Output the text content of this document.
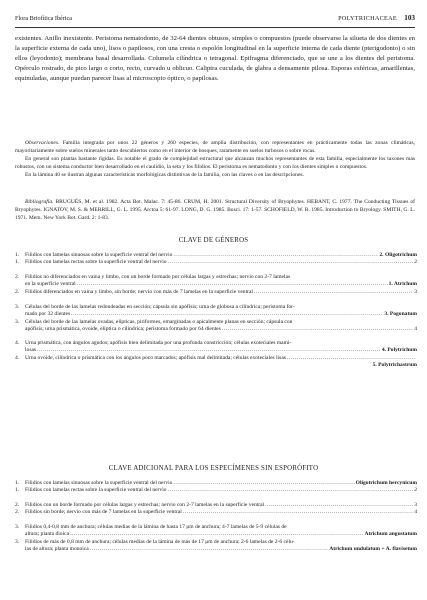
Flora Briofítica Ibérica	POLYTRICHACEAE 103

existentes. Anillo inexistente. Peristoma nematodonto, de 32-64 dientes obtusos, simples o compuestos (puede observarse la silueta de dos dientes en la superficie externa de cada uno), lisos o papilosos, con una cresta o espolón longitudinal en la superficie interna de cada diente (pterigodonto) o sin ellos (leyodonto); membrana basal desarrollada. Columela cilíndrica o tetragonal. Epifragma diferenciado, que se une a los dientes del peristoma. Opérculo rostrado, de pico largo o corto, recto, curvado u oblicuo. Caliptra cuculada, de glabra a densamente pilosa. Esporas esféricas, amarillentas, equinuladas, aunque puedan parecer lisas al microscopio óptico, o papilosas.

Observaciones. Familia integrada por unos 22 géneros y 260 especies, de amplia distribución, con representantes en prácticamente todas las zonas climáticas, mayoritariamente sobre suelos minerales tanto descubiertos como en el interior de bosques, raramente en suelos turbosos o sobre rocas.

En general son plantas bastante rígidas. Es notable el grado de complejidad estructural que alcanzan muchos representantes de esta familia, especialmente los taxones más robustos, con un sistema conductor bien desarrollado en el caulidio, la seta y los filidios. El peristoma es nematodonto y con los dientes simples o compuestos.

En la lámina 40 se ilustran algunas características morfológicas distintivas de la familia, con las claves o en las descripciones.

Bibliografía. BRUGUÉS, M. et al. 1982. Acta Bot. Malac. 7: 45-86. CRUM, H. 2001. Structural Diversity of Bryophytes. HEBANT, C. 1977. The Conducting Tissues of Bryophytes. IGNATOV, M. S. & MERRILL, G. L. 1995. Arctoa 5: 61-97. LONG, D. G. 1985. Bosci. 17: 1-57. SCHOFIELD, W. B. 1985. Introduction to Bryology. SMITH, G. L. 1971. Mem. New York Bot. Gard. 2: 1-83.

CLAVE DE GÉNEROS
1. Filidios con lamelas sinuosas sobre la superficie ventral del nervio .....	2. Oligotrichum
1. Filidios con lamelas rectas sobre la superficie ventral del nervio .....	2
2. Filidios no diferenciados en vaina y limbo, con un borde formado por células largas y estrechas; nervio con 2-7 lamelas
en la superficie ventral .....	1. Atrichum
2. Filidios diferenciados en vaina y limbo, sin borde; nervio con más de 7 lamelas en la superficie ventral .....	3
3. Células del borde de las lamelas redondeadas en sección; cápsula sin apófisis; urna de globosa a cilíndrica; peristoma for-
mado por 32 dientes .....	3. Pogonatum
3. Células del borde de las lamelas ovadas, elípticas, piriformes, emarginadas o apicalmente planas en sección; cápsula con
apófisis; urna prismática, ovoide, elíptica o cilíndrica; peristoma formado por 64 dientes .....	4
4. Urna prismática, con ángulos agudos; apófisis bien delimitada por una profunda constricción; células exoteciales mami-
losas .....	4. Polytrichum
4. Urna ovoide, cilíndrica o prismática con los ángulos poco marcados; apófisis mal delimitada; células exoteciales lisas
.....
5. Polytrichastrum
CLAVE ADICIONAL PARA LOS ESPECÍMENES SIN ESPORÓFITO
1. Filidios con lamelas sinuosas sobre la superficie ventral del nervio .....	Oligotrichum hercynicum
1. Filidios con lamelas rectas sobre la superficie ventral del nervio .....	2
2. Filidios con un borde formado por células largas y estrechas; nervio con 2-7 lamelas en la superficie ventral .....	3
2. Filidios sin borde; nervio con más de 7 lamelas en la superficie ventral .....	4
3. Filidios 0,4-0,8 mm de anchura; células medias de la lámina de hasta 17 μm de anchura; 4-7 lamelas de 5-9 células de
altura; planta dioica .....	Atrichum angustatum
3. Filidios de más de 0,8 mm de anchura; células medias de la lámina de más de 17 μm de anchura; 2-6 lamelas de 2-6 célu-
las de altura; planta monoica .....	Atrichum undulatum + A. flavisetum
